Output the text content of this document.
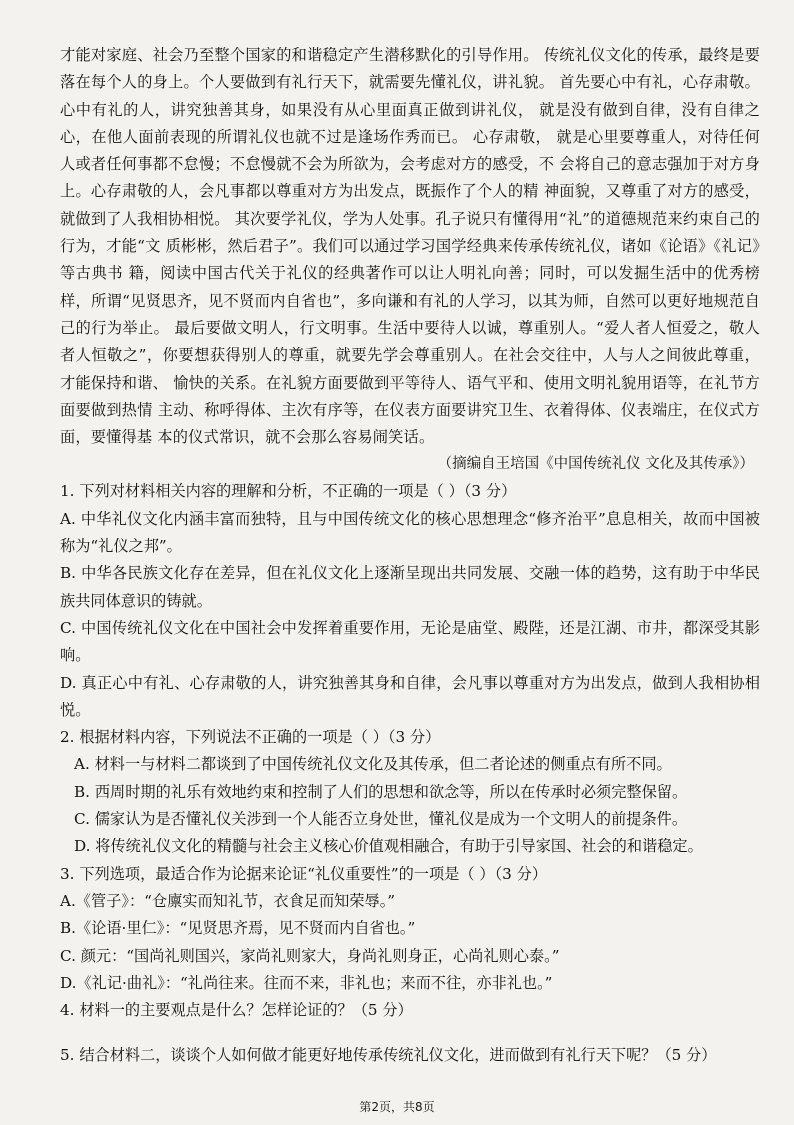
才能对家庭、社会乃至整个国家的和谐稳定产生潜移默化的引导作用。 传统礼仪文化的传承，最终是要落在每个人的身上。个人要做到有礼行天下，就需要先懂礼仪，讲礼貌。 首先要心中有礼，心存肃敬。心中有礼的人，讲究独善其身，如果没有从心里面真正做到讲礼仪， 就是没有做到自律，没有自律之心，在他人面前表现的所谓礼仪也就不过是逢场作秀而已。 心存肃敬， 就是心里要尊重人，对待任何人或者任何事都不怠慢；不怠慢就不会为所欲为，会考虑对方的感受，不 会将自己的意志强加于对方身上。心存肃敬的人，会凡事都以尊重对方为出发点，既振作了个人的精 神面貌，又尊重了对方的感受，就做到了人我相协相悦。 其次要学礼仪，学为人处事。孔子说只有懂得用“礼”的道德规范来约束自己的行为，才能“文 质彬彬，然后君子”。我们可以通过学习国学经典来传承传统礼仪，诸如《论语》《礼记》等古典书 籍，阅读中国古代关于礼仪的经典著作可以让人明礼向善；同时，可以发掘生活中的优秀榜样，所谓“见贤思齐，见不贤而内自省也”，多向谦和有礼的人学习，以其为师，自然可以更好地规范自己的行为举止。 最后要做文明人，行文明事。生活中要待人以诚，尊重别人。“爱人者人恒爱之，敬人者人恒敬之”，你要想获得别人的尊重，就要先学会尊重别人。在社会交往中，人与人之间彼此尊重，才能保持和谐、 愉快的关系。在礼貌方面要做到平等待人、语气平和、使用文明礼貌用语等，在礼节方面要做到热情 主动、称呼得体、主次有序等，在仪表方面要讲究卫生、衣着得体、仪表端庄，在仪式方面，要懂得基 本的仪式常识，就不会那么容易闹笑话。

（摘编自王培国《中国传统礼仪 文化及其传承》）

1. 下列对材料相关内容的理解和分析，不正确的一项是（ ）（3 分）

A. 中华礼仪文化内涵丰富而独特，且与中国传统文化的核心思想理念“修齐治平”息息相关，故而中国被称为“礼仪之邦”。

B. 中华各民族文化存在差异，但在礼仪文化上逐渐呈现出共同发展、交融一体的趋势，这有助于中华民族共同体意识的铸就。

C. 中国传统礼仪文化在中国社会中发挥着重要作用，无论是庙堂、殿陛，还是江湖、市井，都深受其影响。

D. 真正心中有礼、心存肃敬的人，讲究独善其身和自律，会凡事以尊重对方为出发点，做到人我相协相悦。

2. 根据材料内容，下列说法不正确的一项是（ ）（3 分）

A. 材料一与材料二都谈到了中国传统礼仪文化及其传承，但二者论述的侧重点有所不同。

B. 西周时期的礼乐有效地约束和控制了人们的思想和欲念等，所以在传承时必须完整保留。

C. 儒家认为是否懂礼仪关涉到一个人能否立身处世，懂礼仪是成为一个文明人的前提条件。

D. 将传统礼仪文化的精髓与社会主义核心价值观相融合，有助于引导家国、社会的和谐稳定。

3. 下列选项，最适合作为论据来论证“礼仪重要性”的一项是（ ）（3 分）

A.《管子》：“仓廪实而知礼节，衣食足而知荣辱。”

B.《论语·里仁》：“见贤思齐焉，见不贤而内自省也。”

C. 颜元：“国尚礼则国兴，家尚礼则家大，身尚礼则身正，心尚礼则心泰。”

D.《礼记·曲礼》：“礼尚往来。往而不来，非礼也；来而不往，亦非礼也。”

4. 材料一的主要观点是什么？怎样论证的？（5 分）

5. 结合材料二，谈谈个人如何做才能更好地传承传统礼仪文化，进而做到有礼行天下呢？（5 分）

第2页，共8页
